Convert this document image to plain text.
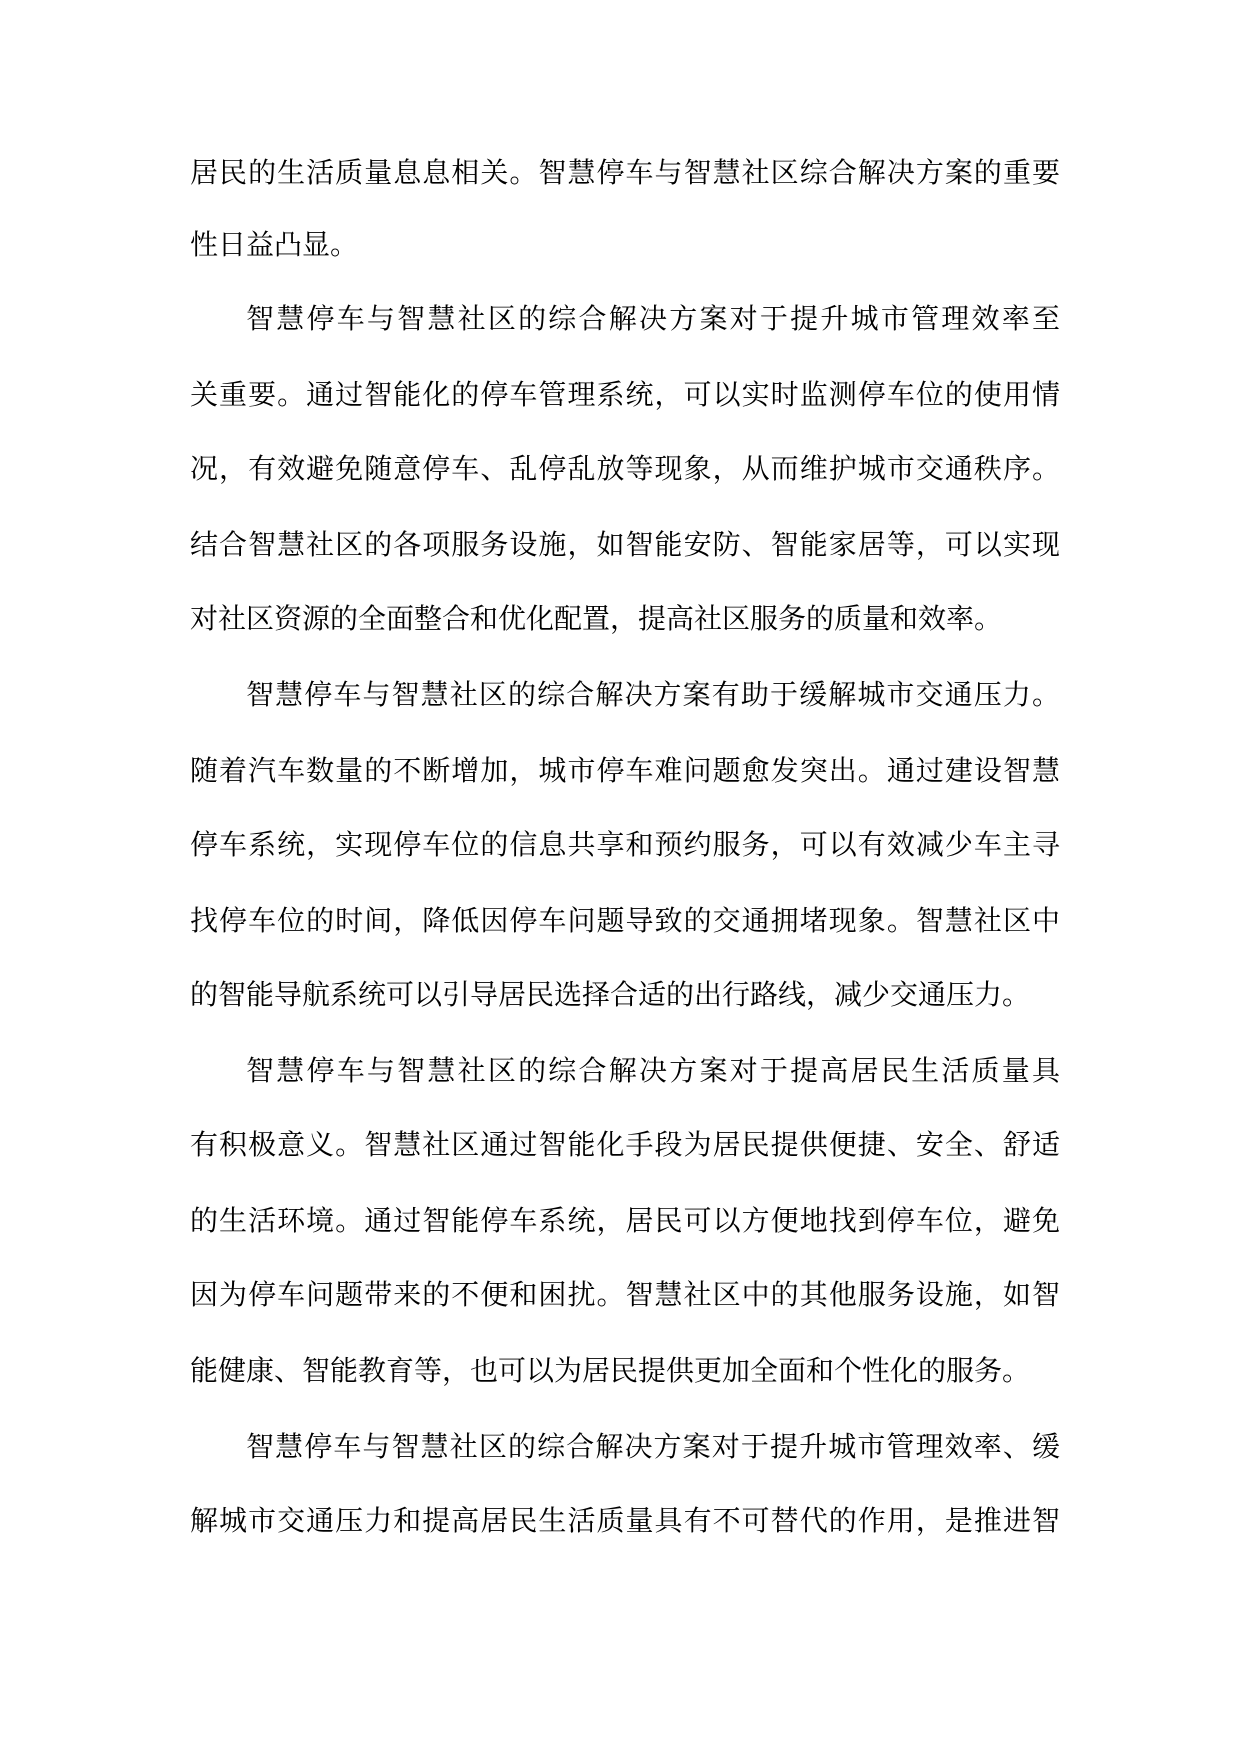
居民的生活质量息息相关。智慧停车与智慧社区综合解决方案的重要

性日益凸显。

智慧停车与智慧社区的综合解决方案对于提升城市管理效率至

关重要。通过智能化的停车管理系统，可以实时监测停车位的使用情

况，有效避免随意停车、乱停乱放等现象，从而维护城市交通秩序。

结合智慧社区的各项服务设施，如智能安防、智能家居等，可以实现

对社区资源的全面整合和优化配置，提高社区服务的质量和效率。

智慧停车与智慧社区的综合解决方案有助于缓解城市交通压力。

随着汽车数量的不断增加，城市停车难问题愈发突出。通过建设智慧

停车系统，实现停车位的信息共享和预约服务，可以有效减少车主寻

找停车位的时间，降低因停车问题导致的交通拥堵现象。智慧社区中

的智能导航系统可以引导居民选择合适的出行路线，减少交通压力。

智慧停车与智慧社区的综合解决方案对于提高居民生活质量具

有积极意义。智慧社区通过智能化手段为居民提供便捷、安全、舒适

的生活环境。通过智能停车系统，居民可以方便地找到停车位，避免

因为停车问题带来的不便和困扰。智慧社区中的其他服务设施，如智

能健康、智能教育等，也可以为居民提供更加全面和个性化的服务。

智慧停车与智慧社区的综合解决方案对于提升城市管理效率、缓

解城市交通压力和提高居民生活质量具有不可替代的作用，是推进智
